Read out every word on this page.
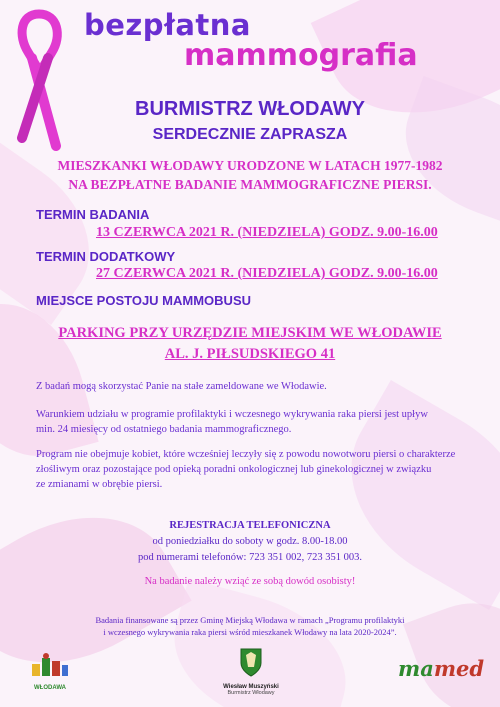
bezpłatna
mammografia
BURMISTRZ WŁODAWY
SERDECZNIE ZAPRASZA
MIESZKANKI WŁODAWY URODZONE W LATACH 1977-1982
NA BEZPŁATNE BADANIE MAMMOGRAFICZNE PIERSI.
TERMIN BADANIA
13 CZERWCA 2021 R. (NIEDZIELA) GODZ. 9.00-16.00
TERMIN DODATKOWY
27 CZERWCA 2021 R. (NIEDZIELA) GODZ. 9.00-16.00
MIEJSCE POSTOJU MAMMOBUSU
PARKING PRZY URZĘDZIE MIEJSKIM WE WŁODAWIE
AL. J. PIŁSUDSKIEGO 41
Z badań mogą skorzystać Panie na stałe zameldowane we Włodawie.
Warunkiem udziału w programie profilaktyki i wczesnego wykrywania raka piersi jest upływ
min. 24 miesięcy od ostatniego badania mammograficznego.
Program nie obejmuje kobiet, które wcześniej leczyły się z powodu nowotworu piersi o charakterze
złośliwym oraz pozostające pod opieką poradni onkologicznej lub ginekologicznej w związku
ze zmianami w obrębie piersi.
REJESTRACJA TELEFONICZNA
od poniedziałku do soboty w godz. 8.00-18.00
pod numerami telefonów: 723 351 002, 723 351 003.
Na badanie należy wziąć ze sobą dowód osobisty!
Badania finansowane są przez Gminę Miejską Włodawa w ramach „Programu profilaktyki
i wczesnego wykrywania raka piersi wśród mieszkanek Włodawy na lata 2020-2024”.
WŁODAWA	Wiesław Muszyński
Burmistrz Włodawy
mamed
